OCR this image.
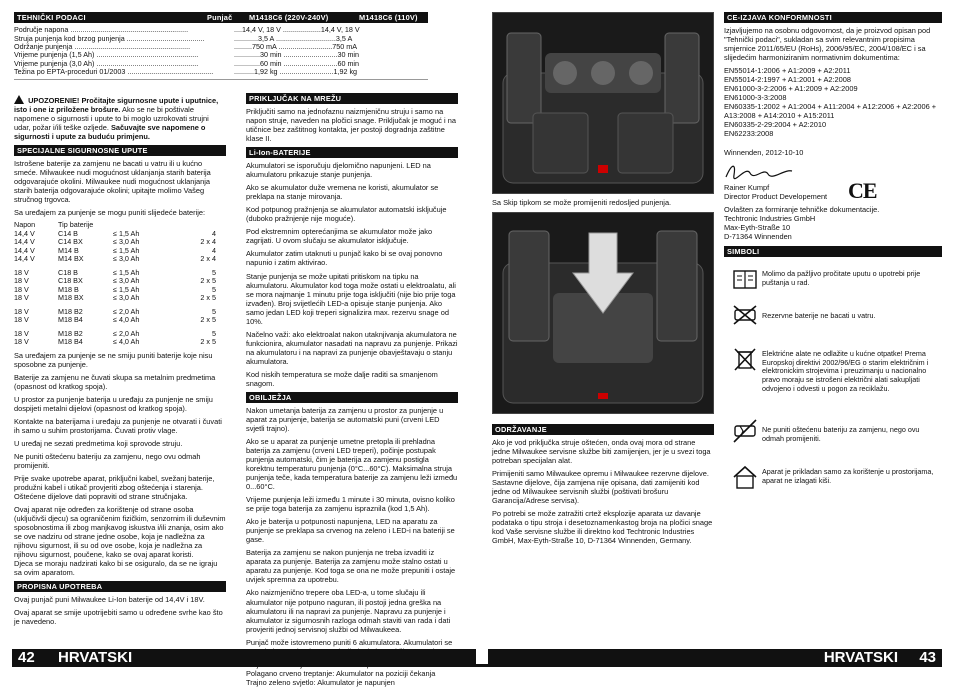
TEHNIČKI PODACI	Punjač	M1418C6 (220V-240V)	M1418C6 (110V)
Područje napona ...........................................................	....14,4 V, 18 V ...................14,4 V, 18 V
Struja punjenja kod brzog punjenja .......................................	............3,5 A ..............................3,5 A
Održanje punjenja ..........................................................	.........750 mA ...........................750 mA
Vrijeme punjenja (1,5 Ah) ...................................................	.............30 min ...........................30 min
Vrijeme punjenja (3,0 Ah) ...................................................	.............60 min ...........................60 min
Težina po EPTA-proceduri 01/2003 ...........................................	..........1,92 kg ...........................1,92 kg

UPOZORENIE! Pročitajte sigurnosne upute i uputnice, isto i one iz priložene brošure. Ako se ne bi poštivale napomene o sigurnosti i upute to bi moglo uzrokovati strujni udar, požar i/ili teške ozljede. Sačuvajte sve napomene o sigurnosti i upute za buduću primjenu.

SPECIJALNE SIGURNOSNE UPUTE

Istrošene baterije za zamjenu ne bacati u vatru ili u kućno smeće. Milwaukee nudi mogućnost uklanjanja starih baterija odgovarajuće okolini. Milwaukee nudi mogućnost uklanjanja starih baterija odgovarajuće okolini; upitajte molimo Vašeg stručnog trgovca.

Sa uređajem za punjenje se mogu puniti slijedeće baterije:

Napon	Tip baterije		
14,4 V	C14 B	≤ 1,5 Ah	4
14,4 V	C14 BX	≤ 3,0 Ah	2 x 4
14,4 V	M14 B	≤ 1,5 Ah	4
14,4 V	M14 BX	≤ 3,0 Ah	2 x 4

18 V	C18 B	≤ 1,5 Ah	5
18 V	C18 BX	≤ 3,0 Ah	2 x 5
18 V	M18 B	≤ 1,5 Ah	5
18 V	M18 BX	≤ 3,0 Ah	2 x 5

18 V	M18 B2	≤ 2,0 Ah	5
18 V	M18 B4	≤ 4,0 Ah	2 x 5

18 V	M18 B2	≤ 2,0 Ah	5
18 V	M18 B4	≤ 4,0 Ah	2 x 5

Sa uređajem za punjenje se ne smiju puniti baterije koje nisu sposobne za punjenje.

Baterije za zamjenu ne čuvati skupa sa metalnim predmetima (opasnost od kratkog spoja).

U prostor za punjenje baterija u uređaju za punjenje ne smiju dospijeti metalni dijelovi (opasnost od kratkog spoja).

Kontakte na baterijama i uređaju za punjenje ne otvarati i čuvati ih samo u suhim prostorijama. Čuvati protiv vlage.

U uređaj ne sezati predmetima koji sprovode struju.

Ne puniti oštećenu bateriju za zamjenu, nego ovu odmah promijeniti.

Prije svake upotrebe aparat, priključni kabel, svežanj baterije, produžni kabel i utikač provjeriti zbog oštećenja i starenja. Oštećene dijelove dati popraviti od strane stručnjaka.

Ovaj aparat nije određen za korištenje od strane osoba (uključivši djecu) sa ograničenim fizičkim, senzornim ili duševnim sposobnostima ili zbog manjkavog iskustva i/ili znanja, osim ako se ove nadziru od strane jedne osobe, koja je nadležna za njihovu sigurnost, ili su od ove osobe, koja je nadležna za njihovu sigurnost, poučene, kako se ovaj aparat koristi.

Djeca se moraju nadzirati kako bi se osiguralo, da se ne igraju sa ovim aparatom.

PROPISNA UPOTREBA

Ovaj punjač puni Milwaukee Li-Ion baterije od 14,4V i 18V.

Ovaj aparat se smije upotrijebiti samo u određene svrhe kao što je navedeno.

PRIKLJUČAK NA MREŽU

Priključiti samo na jednofaznu naizmjeničnu struju i samo na napon struje, naveden na pločici snage. Priključak je moguć i na utičnice bez zaštitnog kontakta, jer postoji dogradnja zaštitne klase II.

Li-Ion-BATERIJE

Akumulatori se isporučuju djelomično napunjeni. LED na akumulatoru prikazuje stanje punjenja.

Ako se akumulator duže vremena ne koristi, akumulator se preklapa na stanje mirovanja.

Kod potpunog pražnjenja se akumulator automatski isključuje (duboko pražnjenje nije moguće).

Pod ekstremnim opterećanjima se akumulator može jako zagrijati. U ovom slučaju se akumulator isključuje.

Akumulator zatim utaknuti u punjač kako bi se ovaj ponovno napunio i zatim aktivirao.

Stanje punjenja se može upitati pritiskom na tipku na akumulatoru. Akumulator kod toga može ostati u elektroalatu, ali se mora najmanje 1 minutu prije toga isključiti (nije bio prije toga izvađen). Broj svijetlećih LED-a opisuje stanje punjenja. Ako samo jedan LED koji treperi signalizira max. rezervu snage od 10%.

Načelno važi: ako elektroalat nakon utaknjivanja akumulatora ne funkcionira, akumulator nasadati na napravu za punjenje. Prikazi na akumulatoru i na napravi za punjenje obavještavaju o stanju akumulatora.

Kod niskih temperatura se može dalje raditi sa smanjenom snagom.

OBILJEŽJA

Nakon umetanja baterija za zamjenu u prostor za punjenje u aparat za punjenje, baterija se automatski puni (crveni LED svjetli trajno).

Ako se u aparat za punjenje umetne pretopla ili prehladna baterija za zamjenu (crveni LED treperi), počinje postupak punjenja automatski, čim je baterija za zamjenu postigla korektnu temperaturu punjenja (0°C...60°C). Maksimalna struja punjenja teče, kada temperatura baterije za zamjenu leži između 0...60°C.

Vrijeme punjenja leži između 1 minute i 30 minuta, ovisno koliko se prije toga baterija za zamjenu ispraznila (kod 1,5 Ah).

Ako je baterija u potpunosti napunjena, LED na aparatu za punjenje se preklapa sa crvenog na zeleno i LED-i na bateriji se gase.

Baterija za zamjenu se nakon punjenja ne treba izvaditi iz aparata za punjenje. Baterija za zamjenu može stalno ostati u aparatu za punjenje. Kod toga se ona ne može prepuniti i ostaje uvijek spremna za upotrebu.

Ako naizmjenično trepere oba LED-a, u tome slučaju ili akumulator nije potpuno naguran, ili postoji jedna greška na akumulatoru ili na napravi za punjenje. Napravu za punjenje i akumulator iz sigurnosnih razloga odmah staviti van rada i dati provjeriti jednoj servisnoj službi od Milwaukeea.

Punjač može istovremeno puniti 6 akumulatora. Akumulatori se

Polagano crveno treptanje: Akumulator na poziciji čekanja
Trajno zeleno svjetlo: Akumulator je napunjen

Sa Skip tipkom se može promijeniti redosljed punjenja.

ODRŽAVANJE

Ako je vod priključka struje oštećen, onda ovaj mora od strane jedne Milwaukee servisne službe biti zamijenjen, jer je u svezi toga potreban specijalan alat.

Primijeniti samo Milwaukee opremu i Milwaukee rezervne dijelove. Sastavne dijelove, čija zamjena nije opisana, dati zamijeniti kod jedne od Milwaukee servisnih službi (poštivati brošuru Garancija/Adrese servisa).

Po potrebi se može zatražiti crtež eksplozije aparata uz davanje podataka o tipu stroja i desetoznamenkastog broja na pločici snage kod Vaše servisne službe ili direktno kod Techtronic Industries GmbH, Max-Eyth-Straße 10, D-71364 Winnenden, Germany.

CE-IZJAVA KONFORMNOSTI

Izjavljujemo na osobnu odgovornost, da je proizvod opisan pod "Tehnički podaci", sukladan sa svim relevantnim propisima smjernice 2011/65/EU (RoHs), 2006/95/EC, 2004/108/EC i sa slijedećim harmoniziranim normativnim dokumentima:

EN55014-1:2006 + A1:2009 + A2:2011
EN55014-2:1997 + A1:2001 + A2:2008
EN61000-3-2:2006 + A1:2009 + A2:2009
EN61000-3-3:2008
EN60335-1:2002 + A1:2004 + A11:2004 + A12:2006 + A2:2006 + A13:2008 + A14:2010 + A15:2011
EN60335-2-29:2004 + A2:2010
EN62233:2008

Winnenden, 2012-10-10

Rainer Kumpf
Director Product Developement
Ovlašten za formiranje tehničke dokumentacije.
Techtronic Industries GmbH
Max-Eyth-Straße 10
D-71364 Winnenden
CE
SIMBOLI
Molimo da pažljivo pročitate uputu o upotrebi prije puštanja u rad.
Rezervne baterije ne bacati u vatru.
Elektrićne alate ne odlažite u kućne otpatke! Prema Europskoj direktivi 2002/96/EG o starim električnim i elektronickim strojevima i preuzimanju u nacionalno pravo moraju se istrošeni električni alati sakupljati odvojeno i odvesti u pogon za reciklažu.
Ne puniti oštećenu bateriju za zamjenu, nego ovu odmah promijeniti.
Aparat je prikladan samo za korištenje u prostorijama, aparat ne izlagati kiši.
42 HRVATSKI	HRVATSKI 43
